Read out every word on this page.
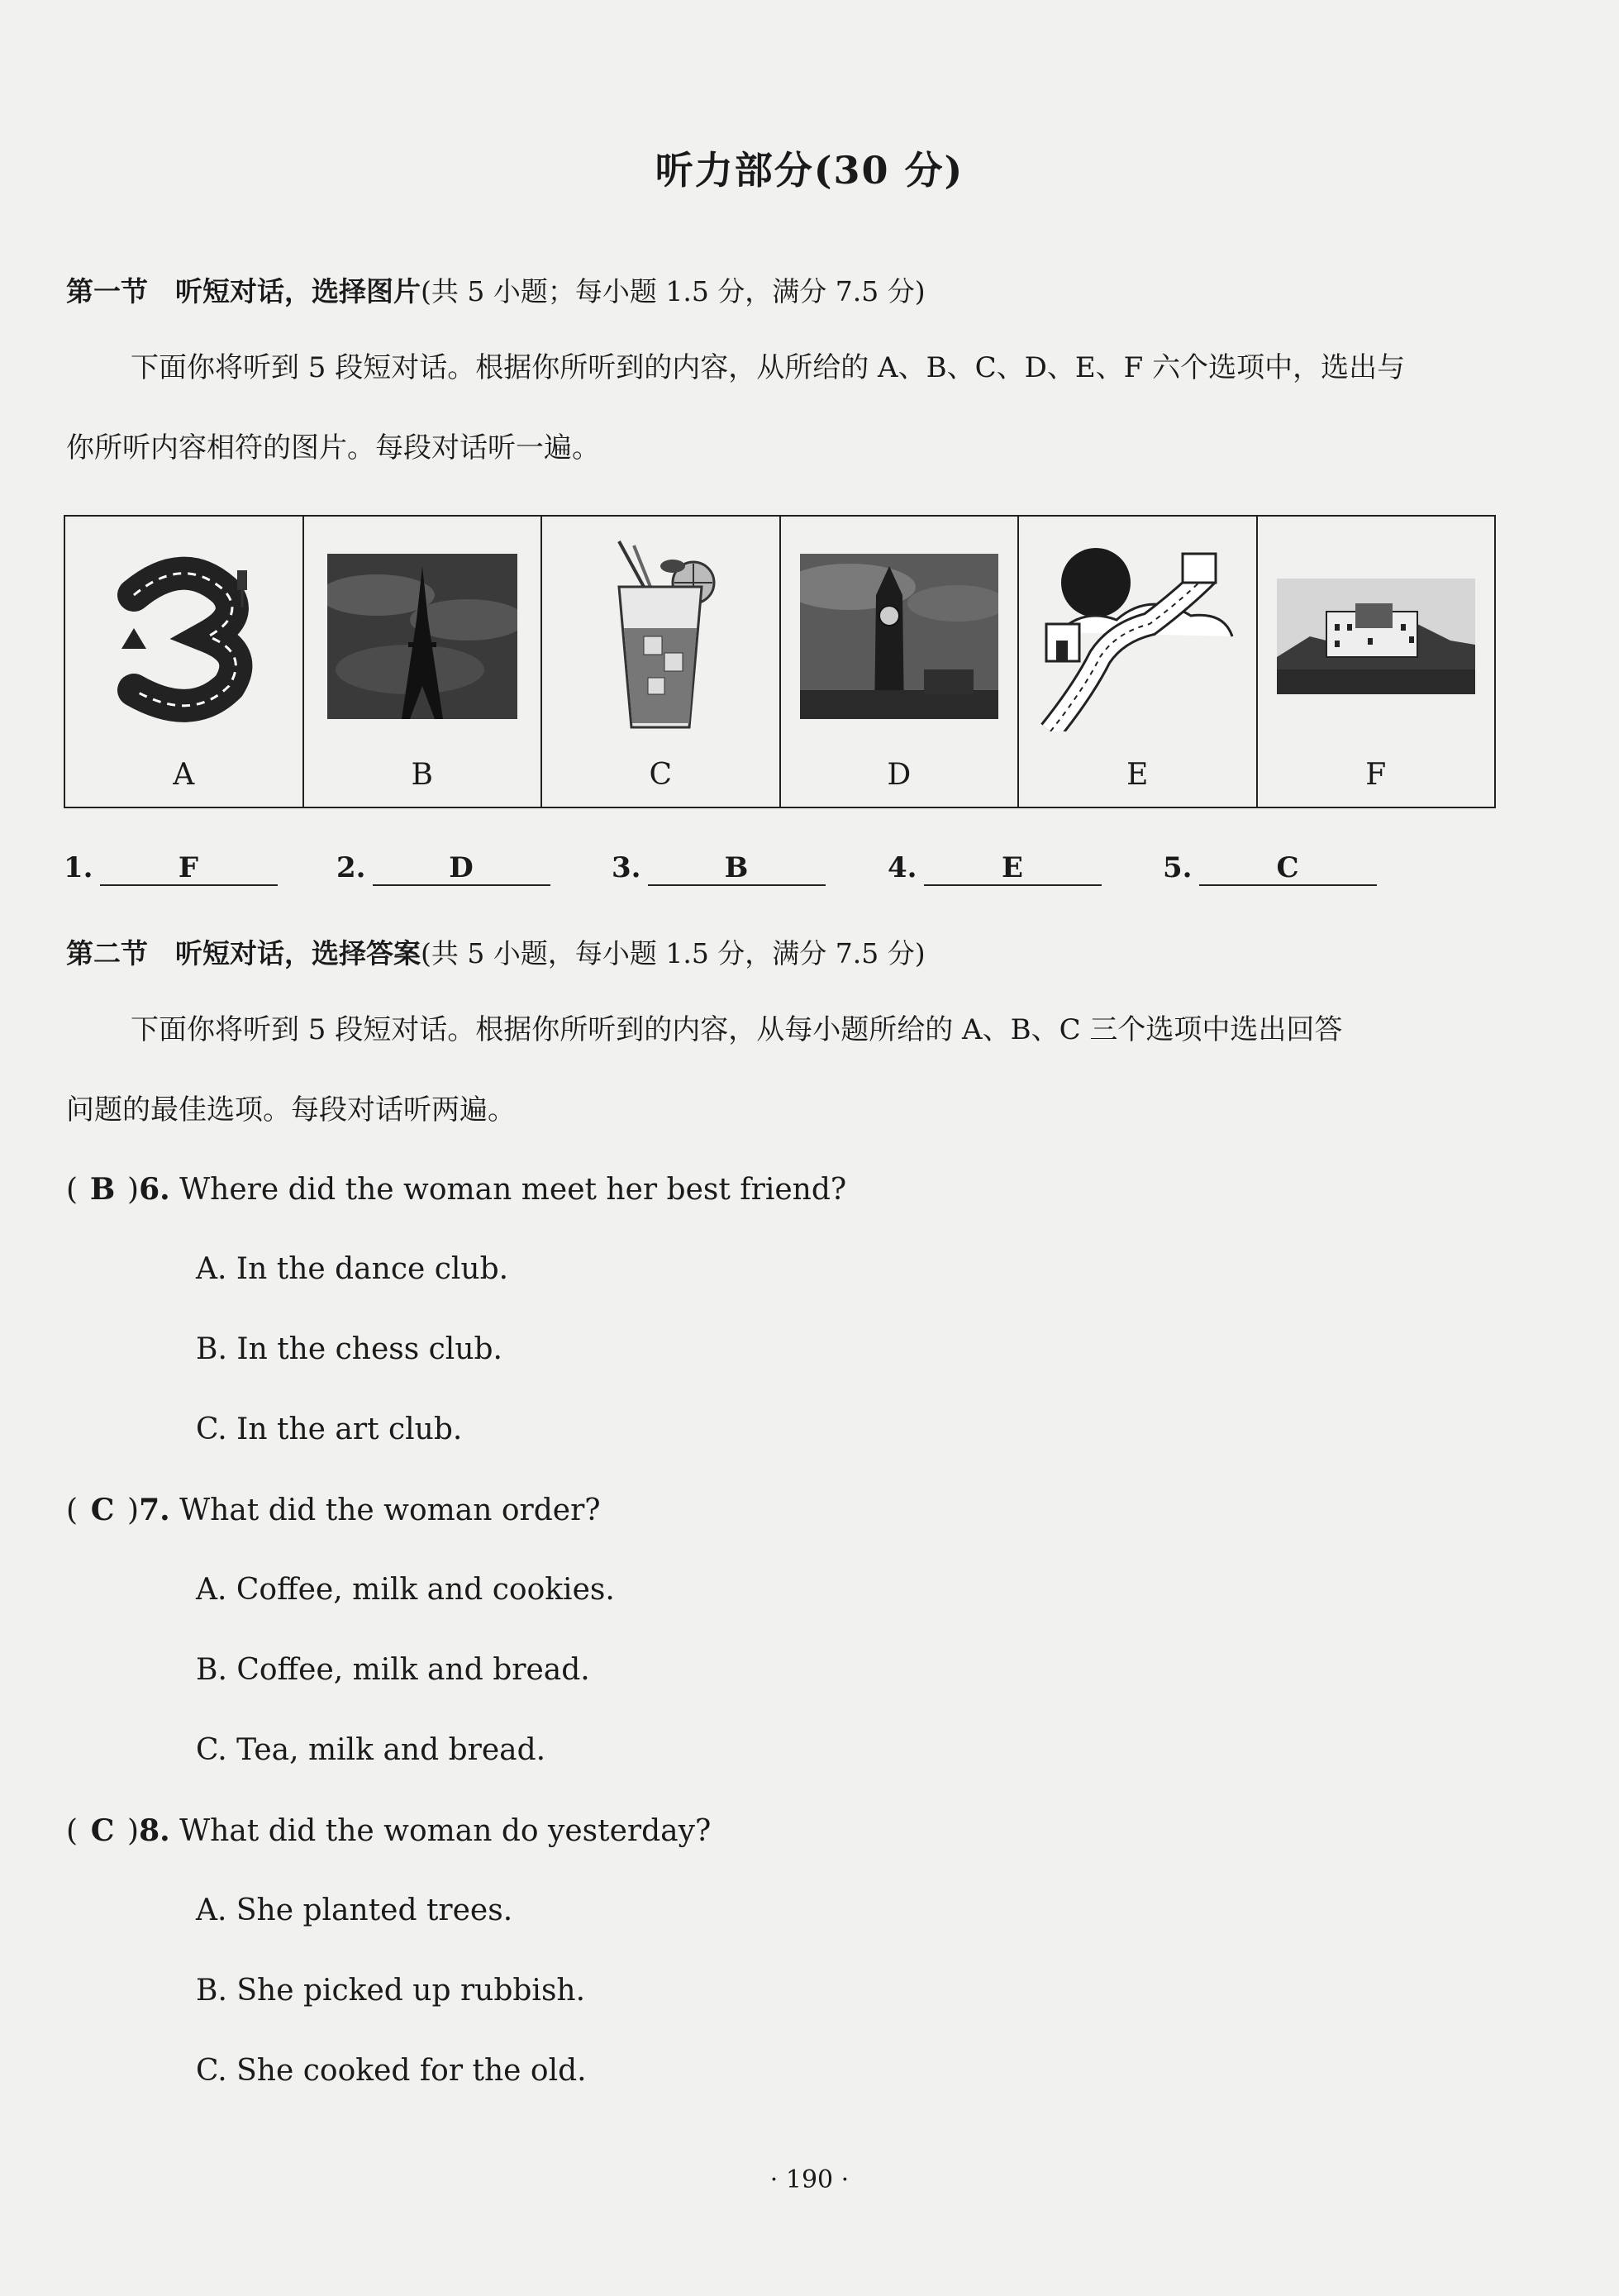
听力部分(30 分)
第一节　听短对话，选择图片(共 5 小题；每小题 1.5 分，满分 7.5 分)
下面你将听到 5 段短对话。根据你所听到的内容，从所给的 A、B、C、D、E、F 六个选项中，选出与
你所听内容相符的图片。每段对话听一遍。
A	B	C	D	E	F
1.	F	2.	D	3.	B	4.	E	5.	C
第二节　听短对话，选择答案(共 5 小题，每小题 1.5 分，满分 7.5 分)
下面你将听到 5 段短对话。根据你所听到的内容，从每小题所给的 A、B、C 三个选项中选出回答
问题的最佳选项。每段对话听两遍。
( B )6. Where did the woman meet her best friend?
A. In the dance club.
B. In the chess club.
C. In the art club.
( C )7. What did the woman order?
A. Coffee, milk and cookies.
B. Coffee, milk and bread.
C. Tea, milk and bread.
( C )8. What did the woman do yesterday?
A. She planted trees.
B. She picked up rubbish.
C. She cooked for the old.
· 190 ·
